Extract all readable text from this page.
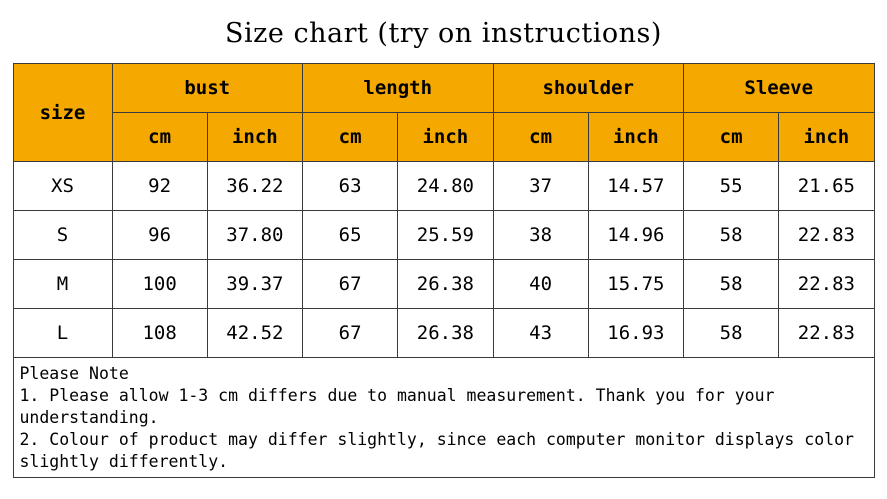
Size chart (try on instructions)
size	bust		length		shoulder		Sleeve	
	cm	inch	cm	inch	cm	inch	cm	inch
XS	92	36.22	63	24.80	37	14.57	55	21.65
S	96	37.80	65	25.59	38	14.96	58	22.83
M	100	39.37	67	26.38	40	15.75	58	22.83
L	108	42.52	67	26.38	43	16.93	58	22.83
Please Note
1. Please allow 1-3 cm differs due to manual measurement. Thank you for your understanding.
2. Colour of product may differ slightly, since each computer monitor displays color slightly differently.
